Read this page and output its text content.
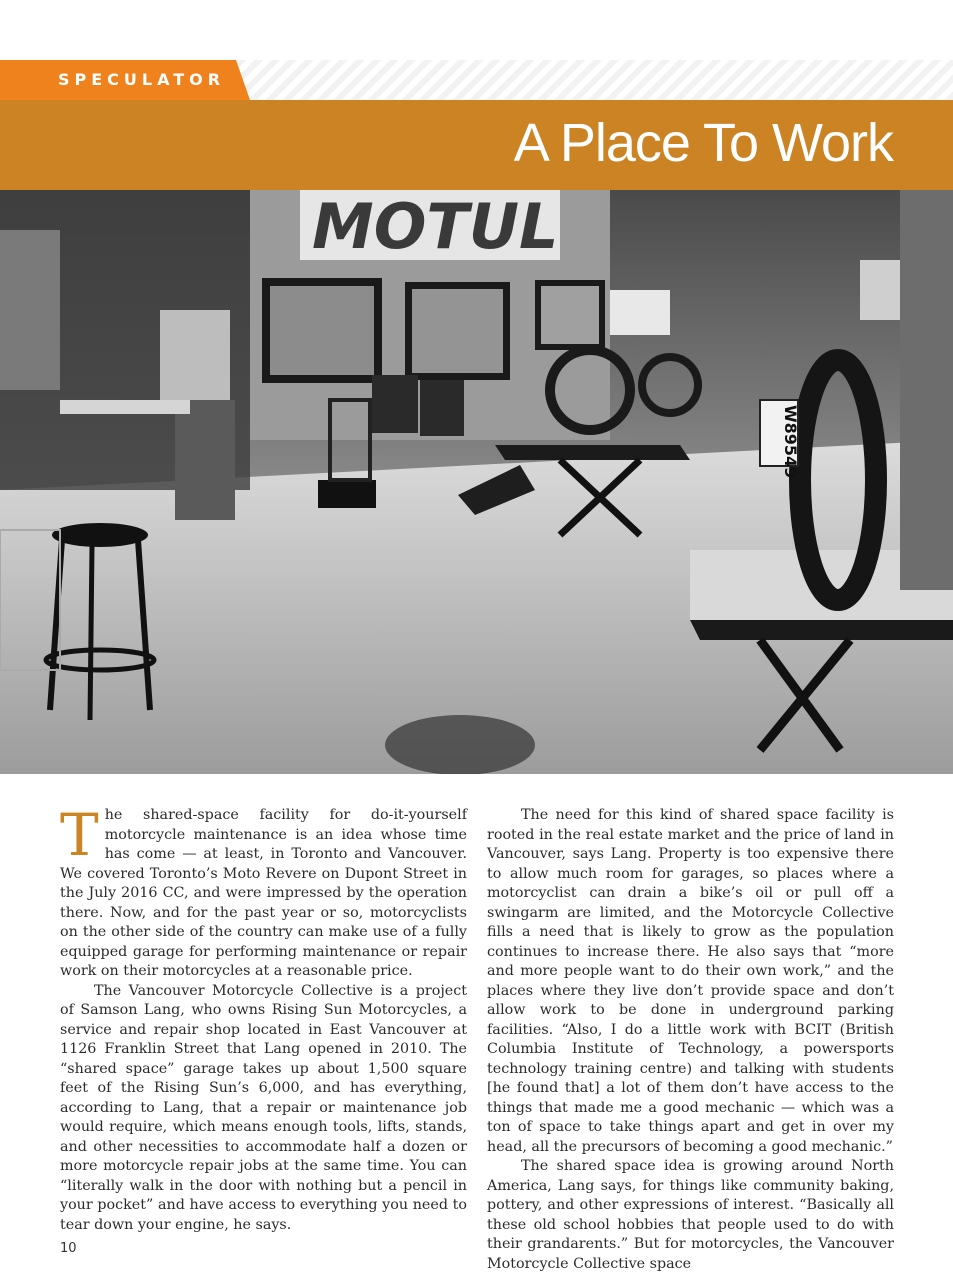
SPECULATOR
A Place To Work
MOTUL
W89549

The shared-space facility for do-it-yourself motorcycle maintenance is an idea whose time has come — at least, in Toronto and Vancouver. We covered Toronto’s Moto Revere on Dupont Street in the July 2016 CC, and were impressed by the operation there. Now, and for the past year or so, motorcyclists on the other side of the country can make use of a fully equipped garage for performing maintenance or repair work on their motorcycles at a reasonable price.

The Vancouver Motorcycle Collective is a project of Samson Lang, who owns Rising Sun Motorcycles, a service and repair shop located in East Vancouver at 1126 Franklin Street that Lang opened in 2010. The “shared space” garage takes up about 1,500 square feet of the Rising Sun’s 6,000, and has everything, according to Lang, that a repair or maintenance job would require, which means enough tools, lifts, stands, and other necessities to accommodate half a dozen or more motorcycle repair jobs at the same time. You can “literally walk in the door with nothing but a pencil in your pocket” and have access to everything you need to tear down your engine, he says.

The need for this kind of shared space facility is rooted in the real estate market and the price of land in Vancouver, says Lang. Property is too expensive there to allow much room for garages, so places where a motorcyclist can drain a bike’s oil or pull off a swingarm are limited, and the Motorcycle Collective fills a need that is likely to grow as the population continues to increase there. He also says that “more and more people want to do their own work,” and the places where they live don’t provide space and don’t allow work to be done in underground parking facilities. “Also, I do a little work with BCIT (British Columbia Institute of Technology, a powersports technology training centre) and talking with students [he found that] a lot of them don’t have access to the things that made me a good mechanic — which was a ton of space to take things apart and get in over my head, all the precursors of becoming a good mechanic.”

The shared space idea is growing around North America, Lang says, for things like community baking, pottery, and other expressions of interest. “Basically all these old school hobbies that people used to do with their grandarents.” But for motorcycles, the Vancouver Motorcycle Collective space

10
